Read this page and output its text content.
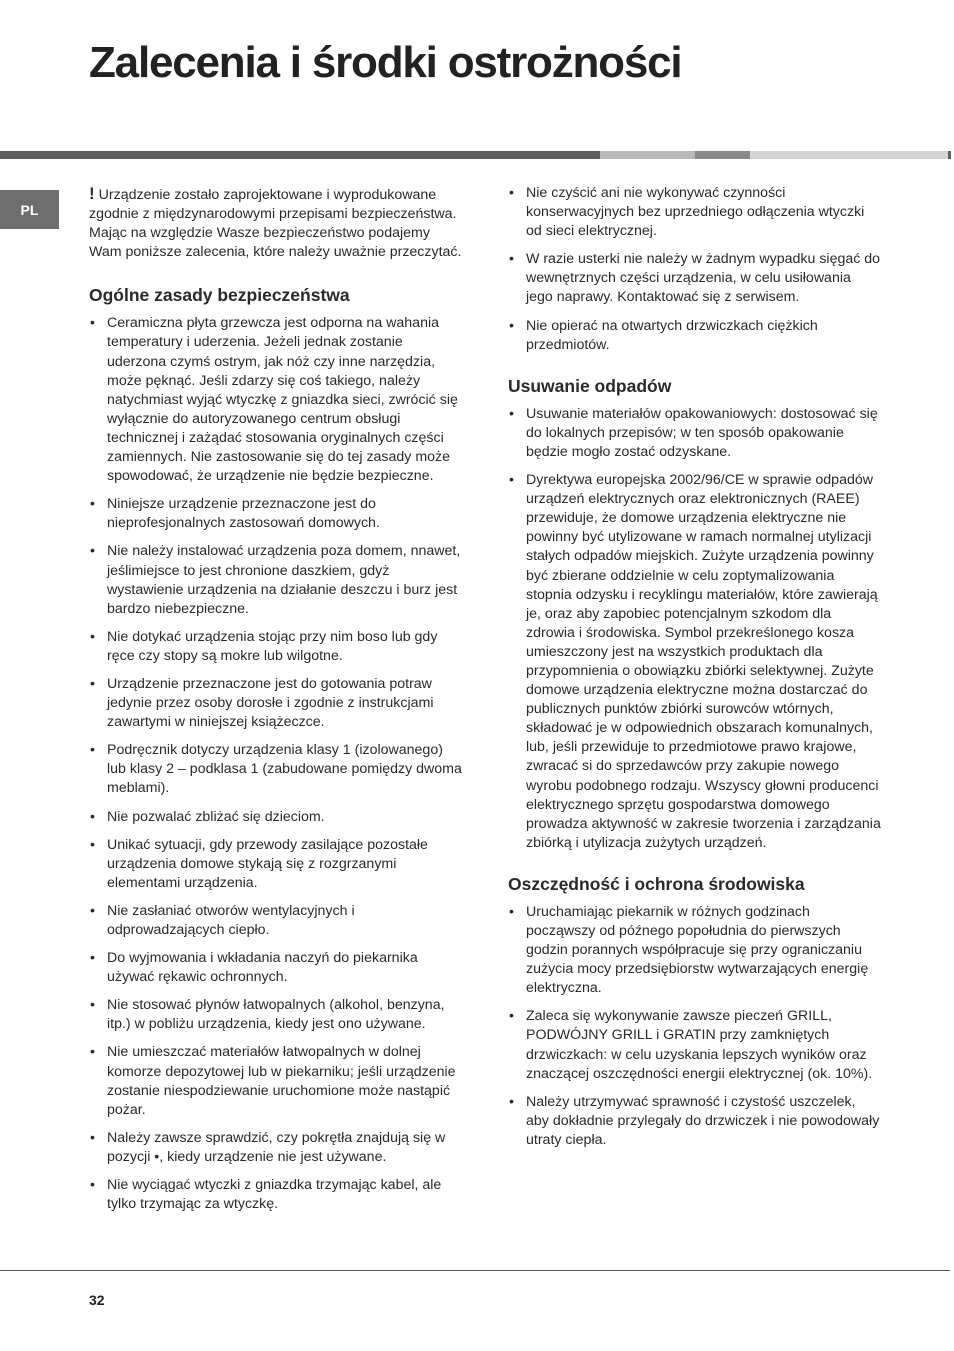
Zalecenia i środki ostrożności
PL

! Urządzenie zostało zaprojektowane i wyprodukowane zgodnie z międzynarodowymi przepisami bezpieczeństwa. Mając na względzie Wasze bezpieczeństwo podajemy Wam poniższe zalecenia, które należy uważnie przeczytać.

Ogólne zasady bezpieczeństwa
• Ceramiczna płyta grzewcza jest odporna na wahania temperatury i uderzenia. Jeżeli jednak zostanie uderzona czymś ostrym, jak nóż czy inne narzędzia, może pęknąć. Jeśli zdarzy się coś takiego, należy natychmiast wyjąć wtyczkę z gniazdka sieci, zwrócić się wyłącznie do autoryzowanego centrum obsługi technicznej i zażądać stosowania oryginalnych części zamiennych. Nie zastosowanie się do tej zasady może spowodować, że urządzenie nie będzie bezpieczne.
• Niniejsze urządzenie przeznaczone jest do nieprofesjonalnych zastosowań domowych.
• Nie należy instalować urządzenia poza domem, nnawet, jeślimiejsce to jest chronione daszkiem, gdyż wystawienie urządzenia na działanie deszczu i burz jest bardzo niebezpieczne.
• Nie dotykać urządzenia stojąc przy nim boso lub gdy ręce czy stopy są mokre lub wilgotne.
• Urządzenie przeznaczone jest do gotowania potraw jedynie przez osoby dorosłe i zgodnie z instrukcjami zawartymi w niniejszej książeczce.
• Podręcznik dotyczy urządzenia klasy 1 (izolowanego) lub klasy 2 – podklasa 1 (zabudowane pomiędzy dwoma meblami).
• Nie pozwalać zbliżać się dzieciom.
• Unikać sytuacji, gdy przewody zasilające pozostałe urządzenia domowe stykają się z rozgrzanymi elementami urządzenia.
• Nie zasłaniać otworów wentylacyjnych i odprowadzających ciepło.
• Do wyjmowania i wkładania naczyń do piekarnika używać rękawic ochronnych.
• Nie stosować płynów łatwopalnych (alkohol, benzyna, itp.) w pobliżu urządzenia, kiedy jest ono używane.
• Nie umieszczać materiałów łatwopalnych w dolnej komorze depozytowej lub w piekarniku; jeśli urządzenie zostanie niespodziewanie uruchomione może nastąpić pożar.
• Należy zawsze sprawdzić, czy pokrętła znajdują się w pozycji •, kiedy urządzenie nie jest używane.
• Nie wyciągać wtyczki z gniazdka trzymając kabel, ale tylko trzymając za wtyczkę.
• Nie czyścić ani nie wykonywać czynności konserwacyjnych bez uprzedniego odłączenia wtyczki od sieci elektrycznej.
• W razie usterki nie należy w żadnym wypadku sięgać do wewnętrznych części urządzenia, w celu usiłowania jego naprawy. Kontaktować się z serwisem.
• Nie opierać na otwartych drzwiczkach ciężkich przedmiotów.
Usuwanie odpadów
• Usuwanie materiałów opakowaniowych: dostosować się do lokalnych przepisów; w ten sposób opakowanie będzie mogło zostać odzyskane.
• Dyrektywa europejska 2002/96/CE w sprawie odpadów urządzeń elektrycznych oraz elektronicznych (RAEE) przewiduje, że domowe urządzenia elektryczne nie powinny być utylizowane w ramach normalnej utylizacji stałych odpadów miejskich. Zużyte urządzenia powinny być zbierane oddzielnie w celu zoptymalizowania stopnia odzysku i recyklingu materiałów, które zawierają je, oraz aby zapobiec potencjalnym szkodom dla zdrowia i środowiska. Symbol przekreślonego kosza umieszczony jest na wszystkich produktach dla przypomnienia o obowiązku zbiórki selektywnej. Zużyte domowe urządzenia elektryczne można dostarczać do publicznych punktów zbiórki surowców wtórnych, składować je w odpowiednich obszarach komunalnych, lub, jeśli przewiduje to przedmiotowe prawo krajowe, zwracać si do sprzedawców przy zakupie nowego wyrobu podobnego rodzaju. Wszyscy głowni producenci elektrycznego sprzętu gospodarstwa domowego prowadza aktywność w zakresie tworzenia i zarządzania zbiórką i utylizacja zużytych urządzeń.
Oszczędność i ochrona środowiska
• Uruchamiając piekarnik w różnych godzinach począwszy od późnego popołudnia do pierwszych godzin porannych współpracuje się przy ograniczaniu zużycia mocy przedsiębiorstw wytwarzających energię elektryczna.
• Zaleca się wykonywanie zawsze pieczeń GRILL, PODWÓJNY GRILL i GRATIN przy zamkniętych drzwiczkach: w celu uzyskania lepszych wyników oraz znaczącej oszczędności energii elektrycznej (ok. 10%).
• Należy utrzymywać sprawność i czystość uszczelek, aby dokładnie przylegały do drzwiczek i nie powodowały utraty ciepła.
32
